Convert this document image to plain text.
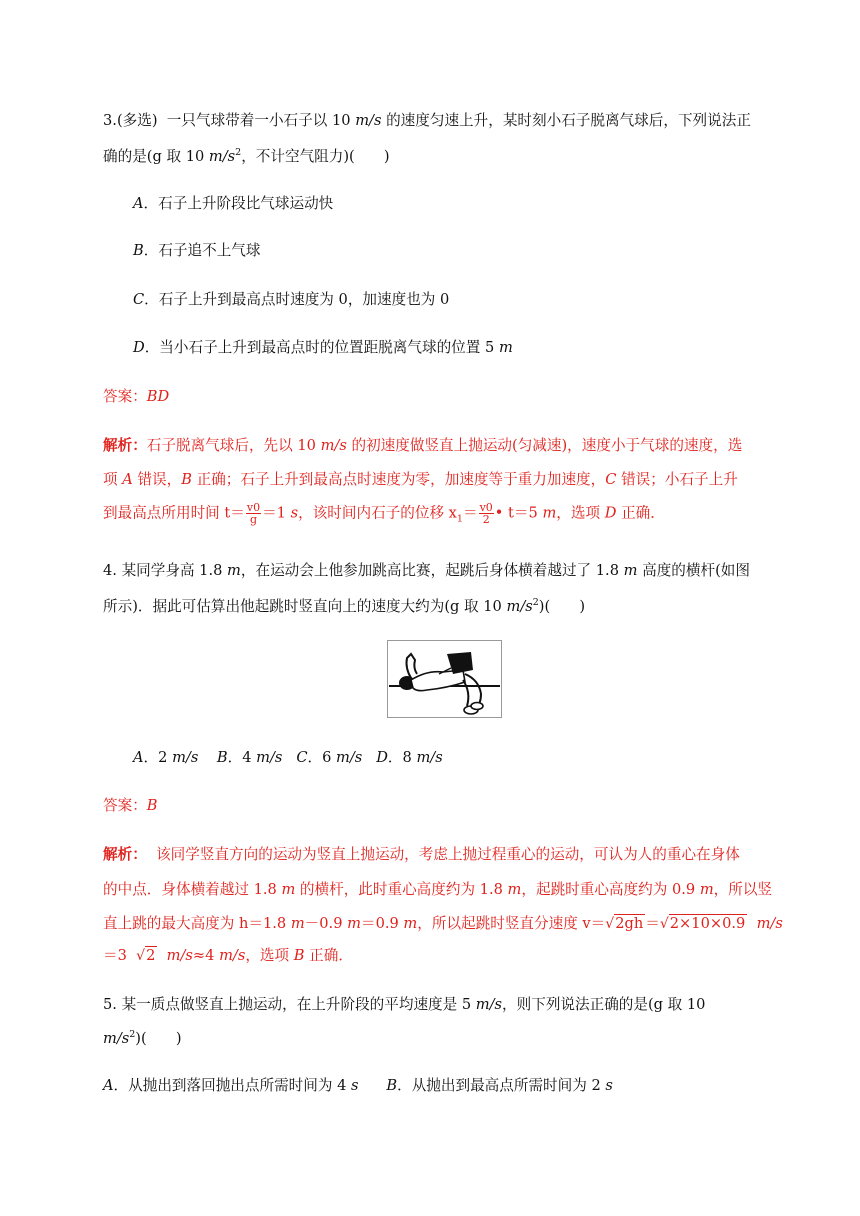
3.(多选) 一只气球带着一小石子以 10 m/s 的速度匀速上升，某时刻小石子脱离气球后，下列说法正
确的是(g 取 10 $m/s^2$，不计空气阻力)(　　)
A．石子上升阶段比气球运动快
B．石子追不上气球
C．石子上升到最高点时速度为 0，加速度也为 0
D．当小石子上升到最高点时的位置距脱离气球的位置 5 m
答案：BD
解析：石子脱离气球后，先以 10 m/s 的初速度做竖直上抛运动(匀减速)，速度小于气球的速度，选
项 A 错误，B 正确；石子上升到最高点时速度为零，加速度等于重力加速度，C 错误；小石子上升
到最高点所用时间 $t= \frac{v0}{g} =1$ s，该时间内石子的位移 $x_1= \frac{v0}{2}$ • t＝5 m，选项 D 正确．
4. 某同学身高 1.8 m，在运动会上他参加跳高比赛，起跳后身体横着越过了 1.8 m 高度的横杆(如图
所示)．据此可估算出他起跳时竖直向上的速度大约为(g 取 10 $m/s^2$)(　　)
A．2 m/s B．4 m/s C．6 m/s D．8 m/s
答案：B
解析： 该同学竖直方向的运动为竖直上抛运动，考虑上抛过程重心的运动，可认为人的重心在身体
的中点．身体横着越过 1.8 m 的横杆，此时重心高度约为 1.8 m，起跳时重心高度约为 0.9 m，所以竖
直上跳的最大高度为 h＝1.8 m－0.9 m＝0.9 m，所以起跳时竖直分速度 v＝√2gh ＝√2×10×0.9 m/s
＝3 √2 m/s≈4 m/s，选项 B 正确．
5. 某一质点做竖直上抛运动，在上升阶段的平均速度是 5 m/s，则下列说法正确的是(g 取 10
$m/s^2$)(　　)
A．从抛出到落回抛出点所需时间为 4 s B．从抛出到最高点所需时间为 2 s
